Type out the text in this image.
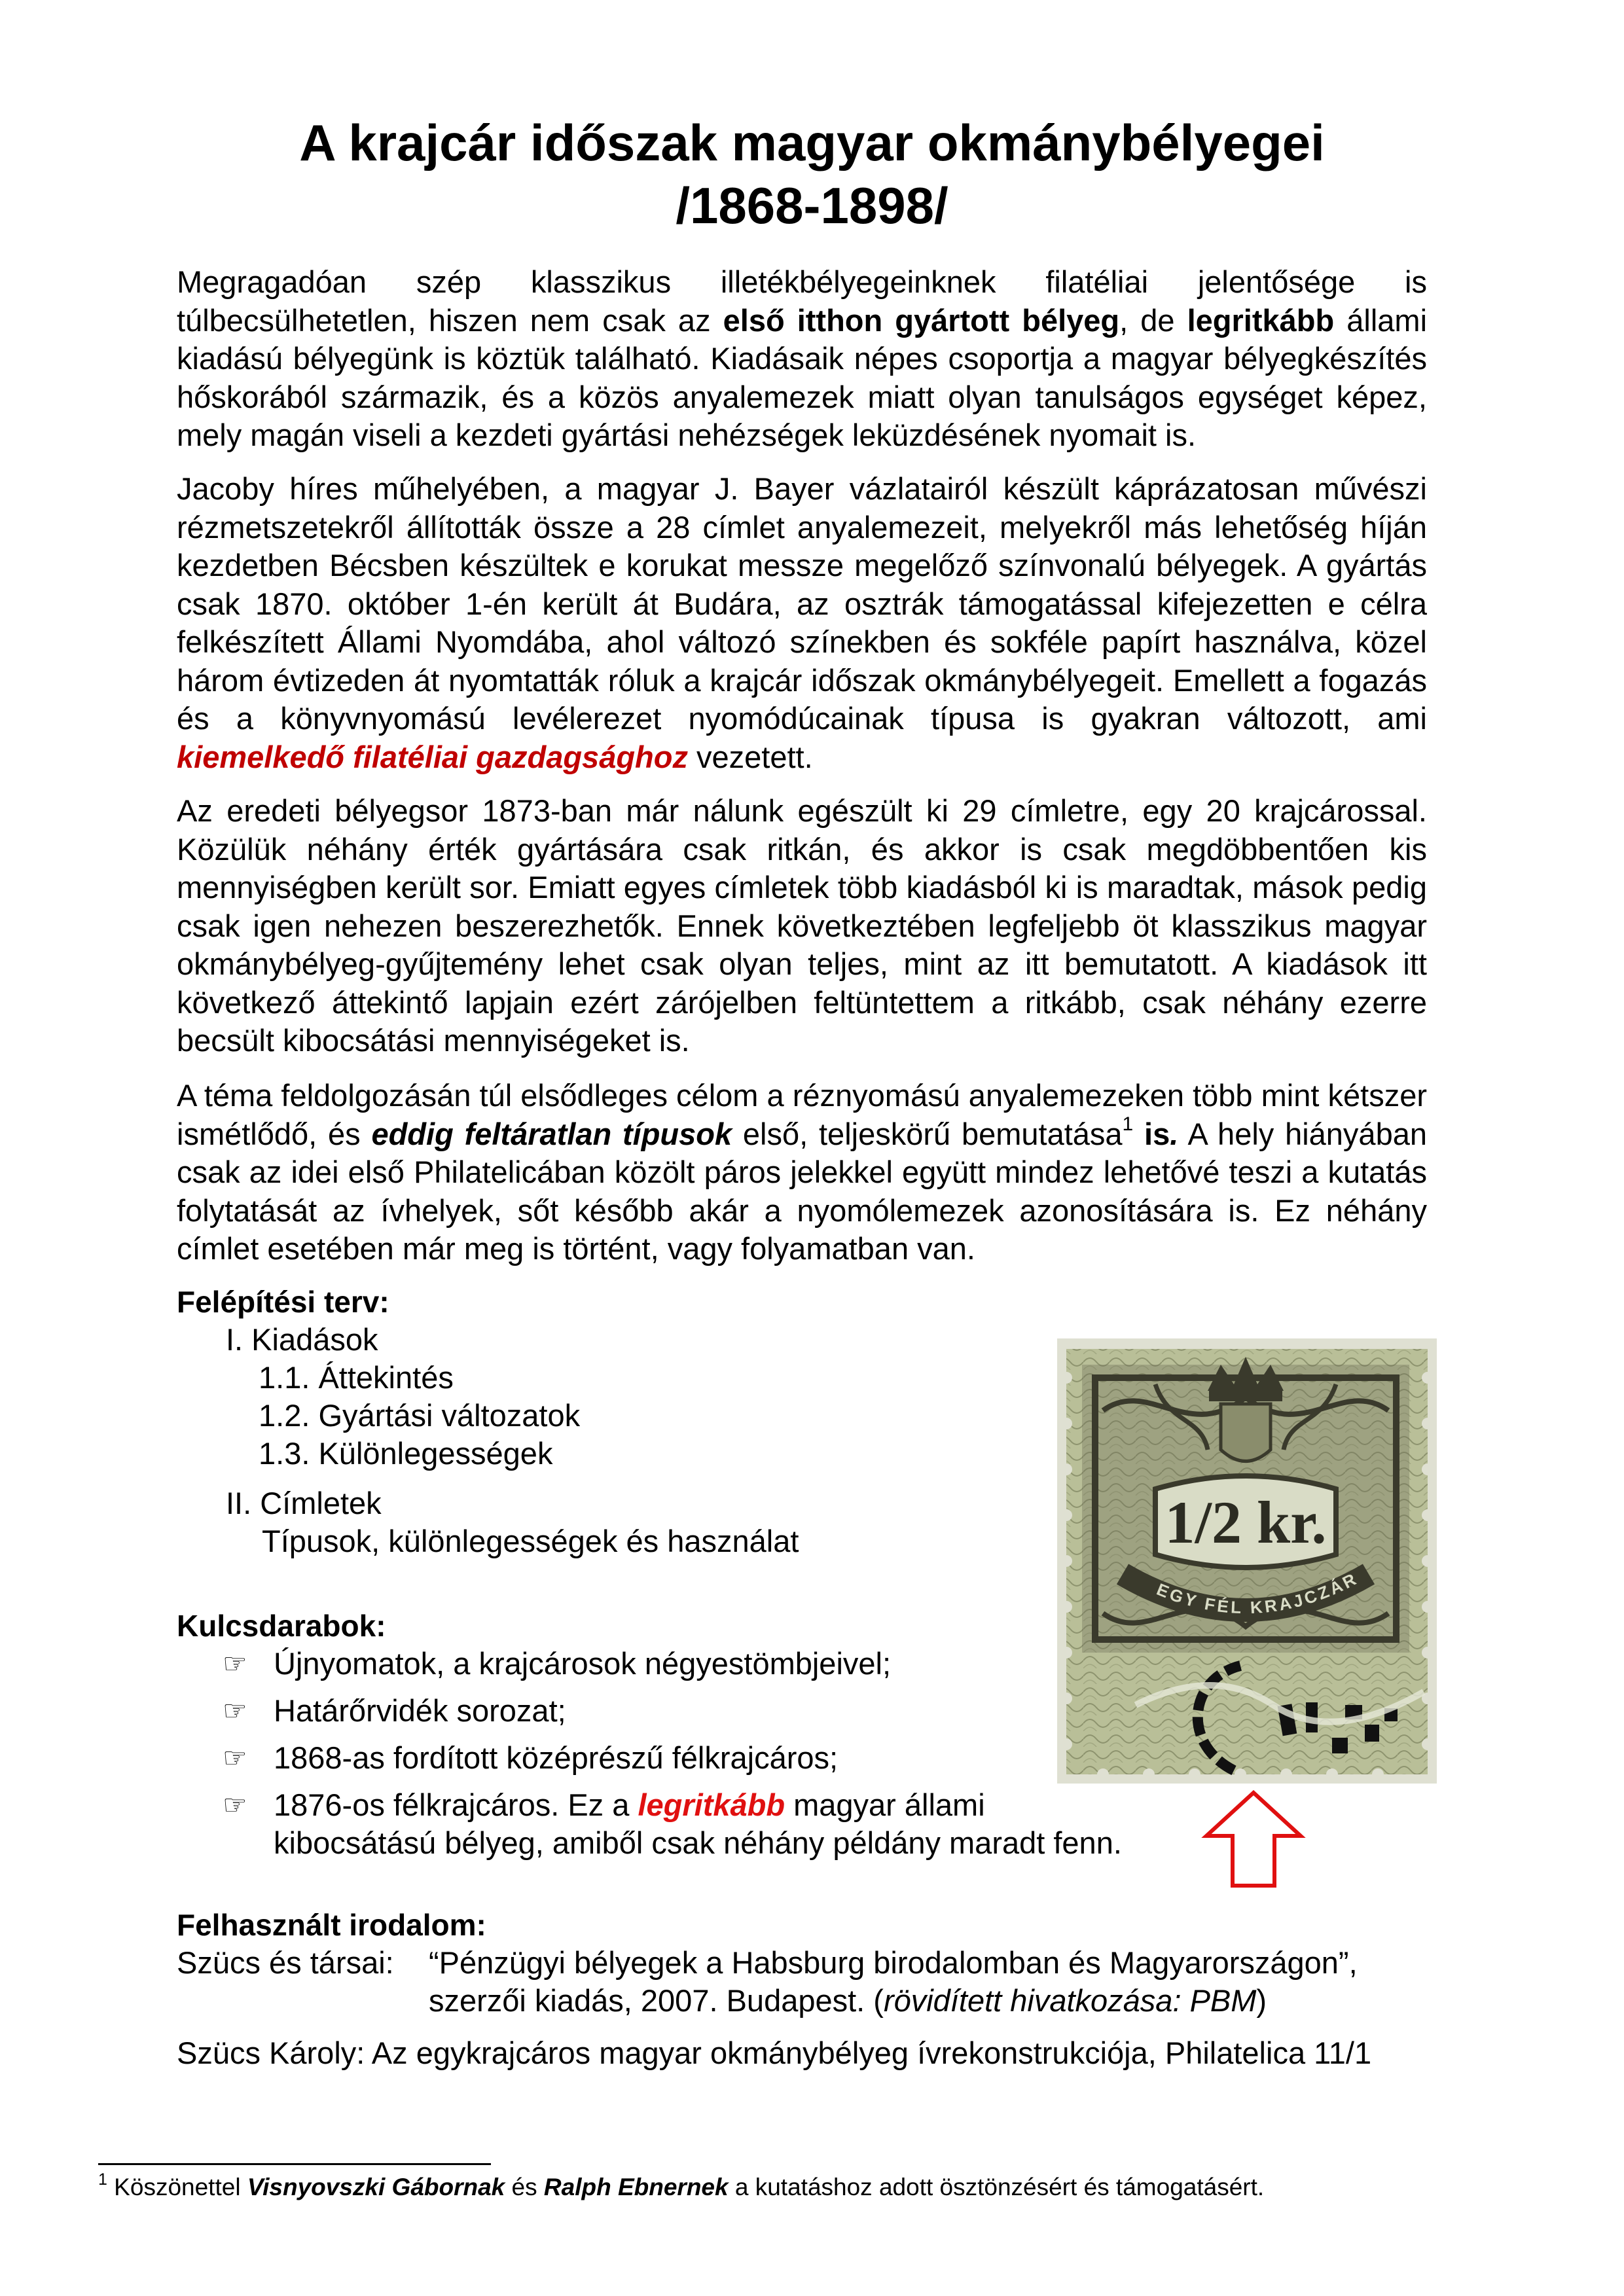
A krajcár időszak magyar okmánybélyegei
/1868-1898/
Megragadóan szép klasszikus illetékbélyegeinknek filatéliai jelentősége is túlbecsülhetetlen, hiszen nem csak az első itthon gyártott bélyeg, de legritkább állami kiadású bélyegünk is köztük található. Kiadásaik népes csoportja a magyar bélyegkészítés hőskorából származik, és a közös anyalemezek miatt olyan tanulságos egységet képez, mely magán viseli a kezdeti gyártási nehézségek leküzdésének nyomait is.
Jacoby híres műhelyében, a magyar J. Bayer vázlatairól készült káprázatosan művészi rézmetszetekről állították össze a 28 címlet anyalemezeit, melyekről más lehetőség híján kezdetben Bécsben készültek e korukat messze megelőző színvonalú bélyegek. A gyártás csak 1870. október 1-én került át Budára, az osztrák támogatással kifejezetten e célra felkészített Állami Nyomdába, ahol változó színekben és sokféle papírt használva, közel három évtizeden át nyomtatták róluk a krajcár időszak okmánybélyegeit. Emellett a fogazás és a könyvnyomású levélerezet nyomódúcainak típusa is gyakran változott, ami kiemelkedő filatéliai gazdagsághoz vezetett.
Az eredeti bélyegsor 1873-ban már nálunk egészült ki 29 címletre, egy 20 krajcárossal. Közülük néhány érték gyártására csak ritkán, és akkor is csak megdöbbentően kis mennyiségben került sor. Emiatt egyes címletek több kiadásból ki is maradtak, mások pedig csak igen nehezen beszerezhetők. Ennek következtében legfeljebb öt klasszikus magyar okmánybélyeg-gyűjtemény lehet csak olyan teljes, mint az itt bemutatott. A kiadások itt következő áttekintő lapjain ezért zárójelben feltüntettem a ritkább, csak néhány ezerre becsült kibocsátási mennyiségeket is.
A téma feldolgozásán túl elsődleges célom a réznyomású anyalemezeken több mint kétszer ismétlődő, és eddig feltáratlan típusok első, teljeskörű bemutatása$^1$ is. A hely hiányában csak az idei első Philatelicában közölt páros jelekkel együtt mindez lehetővé teszi a kutatás folytatását az ívhelyek, sőt később akár a nyomólemezek azonosítására is. Ez néhány címlet esetében már meg is történt, vagy folyamatban van.
Felépítési terv:
I. Kiadások
1.1. Áttekintés
1.2. Gyártási változatok
1.3. Különlegességek
II. Címletek
Típusok, különlegességek és használat
Kulcsdarabok:
☞ Újnyomatok, a krajcárosok négyestömbjeivel;
☞ Határőrvidék sorozat;
☞ 1868-as fordított középrészű félkrajcáros;
☞ 1876-os félkrajcáros. Ez a legritkább magyar állami
kibocsátású bélyeg, amiből csak néhány példány maradt fenn.
1/2 kr.
EGY FÉL KRAJCZÁR
Felhasznált irodalom:
Szücs és társai: “Pénzügyi bélyegek a Habsburg birodalomban és Magyarországon”,
szerzői kiadás, 2007. Budapest. (rövidített hivatkozása: PBM)
Szücs Károly: Az egykrajcáros magyar okmánybélyeg ívrekonstrukciója, Philatelica 11/1
$^1$ Köszönettel Visnyovszki Gábornak és Ralph Ebnernek a kutatáshoz adott ösztönzésért és támogatásért.
